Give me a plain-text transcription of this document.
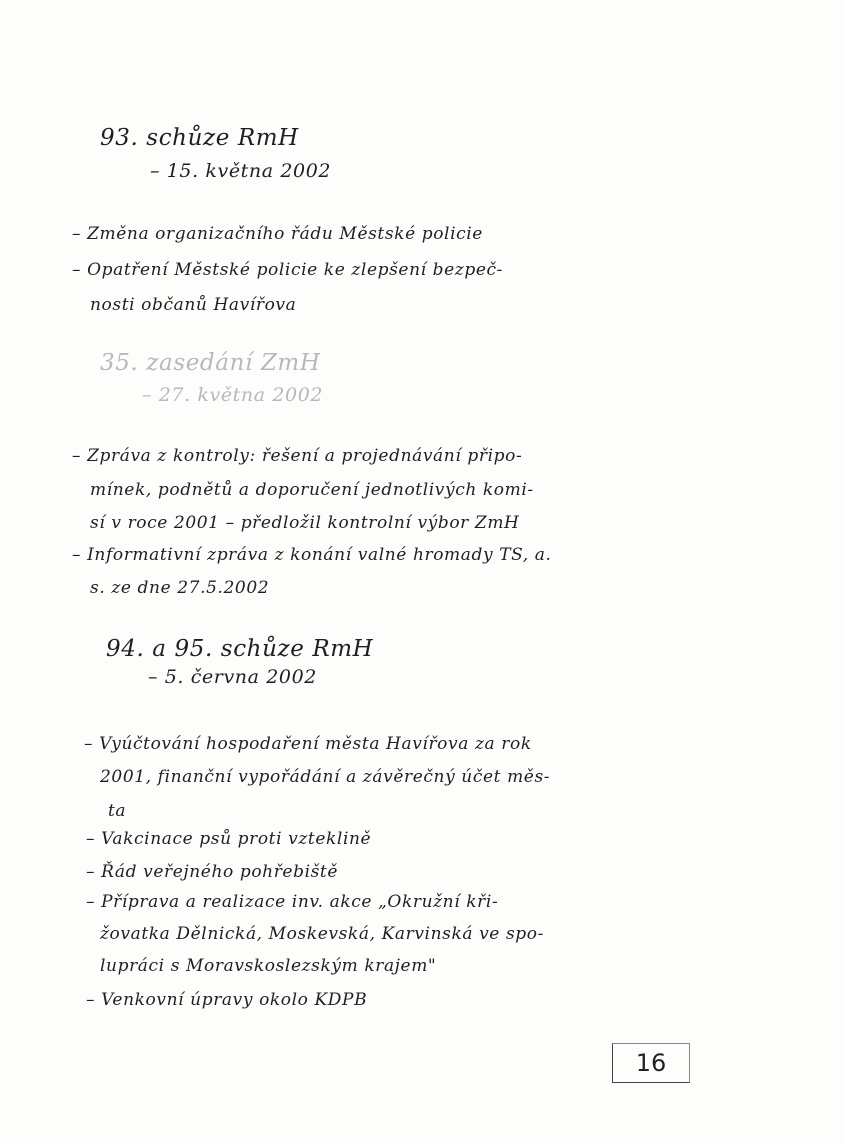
93. schůze RmH
– 15. května 2002
– Změna organizačního řádu Městské policie
– Opatření Městské policie ke zlepšení bezpeč-
nosti občanů Havířova
35. zasedání ZmH
– 27. května 2002
– Zpráva z kontroly: řešení a projednávání připo-
mínek, podnětů a doporučení jednotlivých komi-
sí v roce 2001 – předložil kontrolní výbor ZmH
– Informativní zpráva z konání valné hromady TS, a.
s. ze dne 27.5.2002
94. a 95. schůze RmH
– 5. června 2002
– Vyúčtování hospodaření města Havířova za rok
2001, finanční vypořádání a závěrečný účet měs-
ta
– Vakcinace psů proti vzteklině
– Řád veřejného pohřebiště
– Příprava a realizace inv. akce „Okružní kři-
žovatka Dělnická, Moskevská, Karvinská ve spo-
lupráci s Moravskoslezským krajem"
– Venkovní úpravy okolo KDPB
16
